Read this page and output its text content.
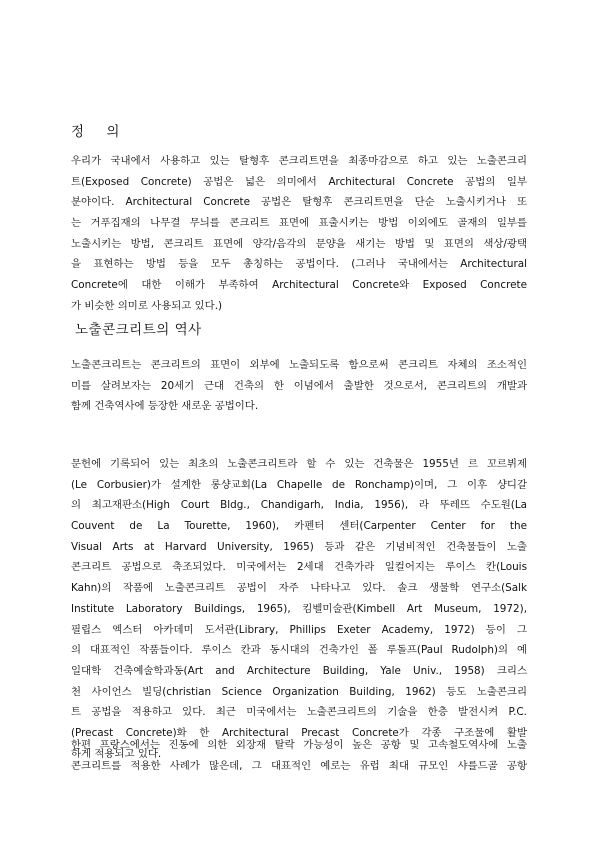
정 의
우리가 국내에서 사용하고 있는 탈형후 콘크리트면을 최종마감으로 하고 있는 노출콘크리
트(Exposed Concrete) 공법은 넓은 의미에서 Architectural Concrete 공법의 일부
분야이다. Architectural Concrete 공법은 탈형후 콘크리트면을 단순 노출시키거나 또
는 거푸집재의 나무결 무늬를 콘크리트 표면에 표출시키는 방법 이외에도 골재의 일부를
노출시키는 방법, 콘크리트 표면에 양각/음각의 문양을 새기는 방법 및 표면의 색상/광택
을 표현하는 방법 등을 모두 총칭하는 공법이다. (그러나 국내에서는 Architectural
Concrete에 대한 이해가 부족하여 Architectural Concrete와 Exposed Concrete
가 비슷한 의미로 사용되고 있다.)
노출콘크리트의 역사
노출콘크리트는 콘크리트의 표면이 외부에 노출되도록 함으로써 콘크리트 자체의 조소적인
미를 살려보자는 20세기 근대 건축의 한 이념에서 출발한 것으로서, 콘크리트의 개발과
함께 건축역사에 등장한 새로운 공법이다.
문헌에 기록되어 있는 최초의 노출콘크리트라 할 수 있는 건축물은 1955년 르 꼬르뷔제
(Le Corbusier)가 설계한 롱샹교회(La Chapelle de Ronchamp)이며, 그 이후 샹디갈
의 최고재판소(High Court Bldg., Chandigarh, India, 1956), 라 뚜레뜨 수도원(La
Couvent de La Tourette, 1960), 카펜터 센터(Carpenter Center for the
Visual Arts at Harvard University, 1965) 등과 같은 기념비적인 건축물들이 노출
콘크리트 공법으로 축조되었다. 미국에서는 2세대 건축가라 일컬어지는 루이스 칸(Louis
Kahn)의 작품에 노출콘크리트 공법이 자주 나타나고 있다. 솔크 생물학 연구소(Salk
Institute Laboratory Buildings, 1965), 킴벨미술관(Kimbell Art Museum, 1972),
필립스 엑스터 아카데미 도서관(Library, Phillips Exeter Academy, 1972) 등이 그
의 대표적인 작품들이다. 루이스 칸과 동시대의 건축가인 폴 루돌프(Paul Rudolph)의 예
일대학 건축예술학과동(Art and Architecture Building, Yale Univ., 1958) 크리스
천 사이언스 빌딩(christian Science Organization Building, 1962) 등도 노출콘크리
트 공법을 적용하고 있다. 최근 미국에서는 노출콘크리트의 기술을 한층 발전시켜 P.C.
(Precast Concrete)화 한 Architectural Precast Concrete가 각종 구조물에 활발
하게 적용되고 있다.
한편 프랑스에서는 진동에 의한 외장재 탈락 가능성이 높은 공항 및 고속철도역사에 노출
콘크리트를 적용한 사례가 많은데, 그 대표적인 예로는 유럽 최대 규모인 샤를드골 공항
